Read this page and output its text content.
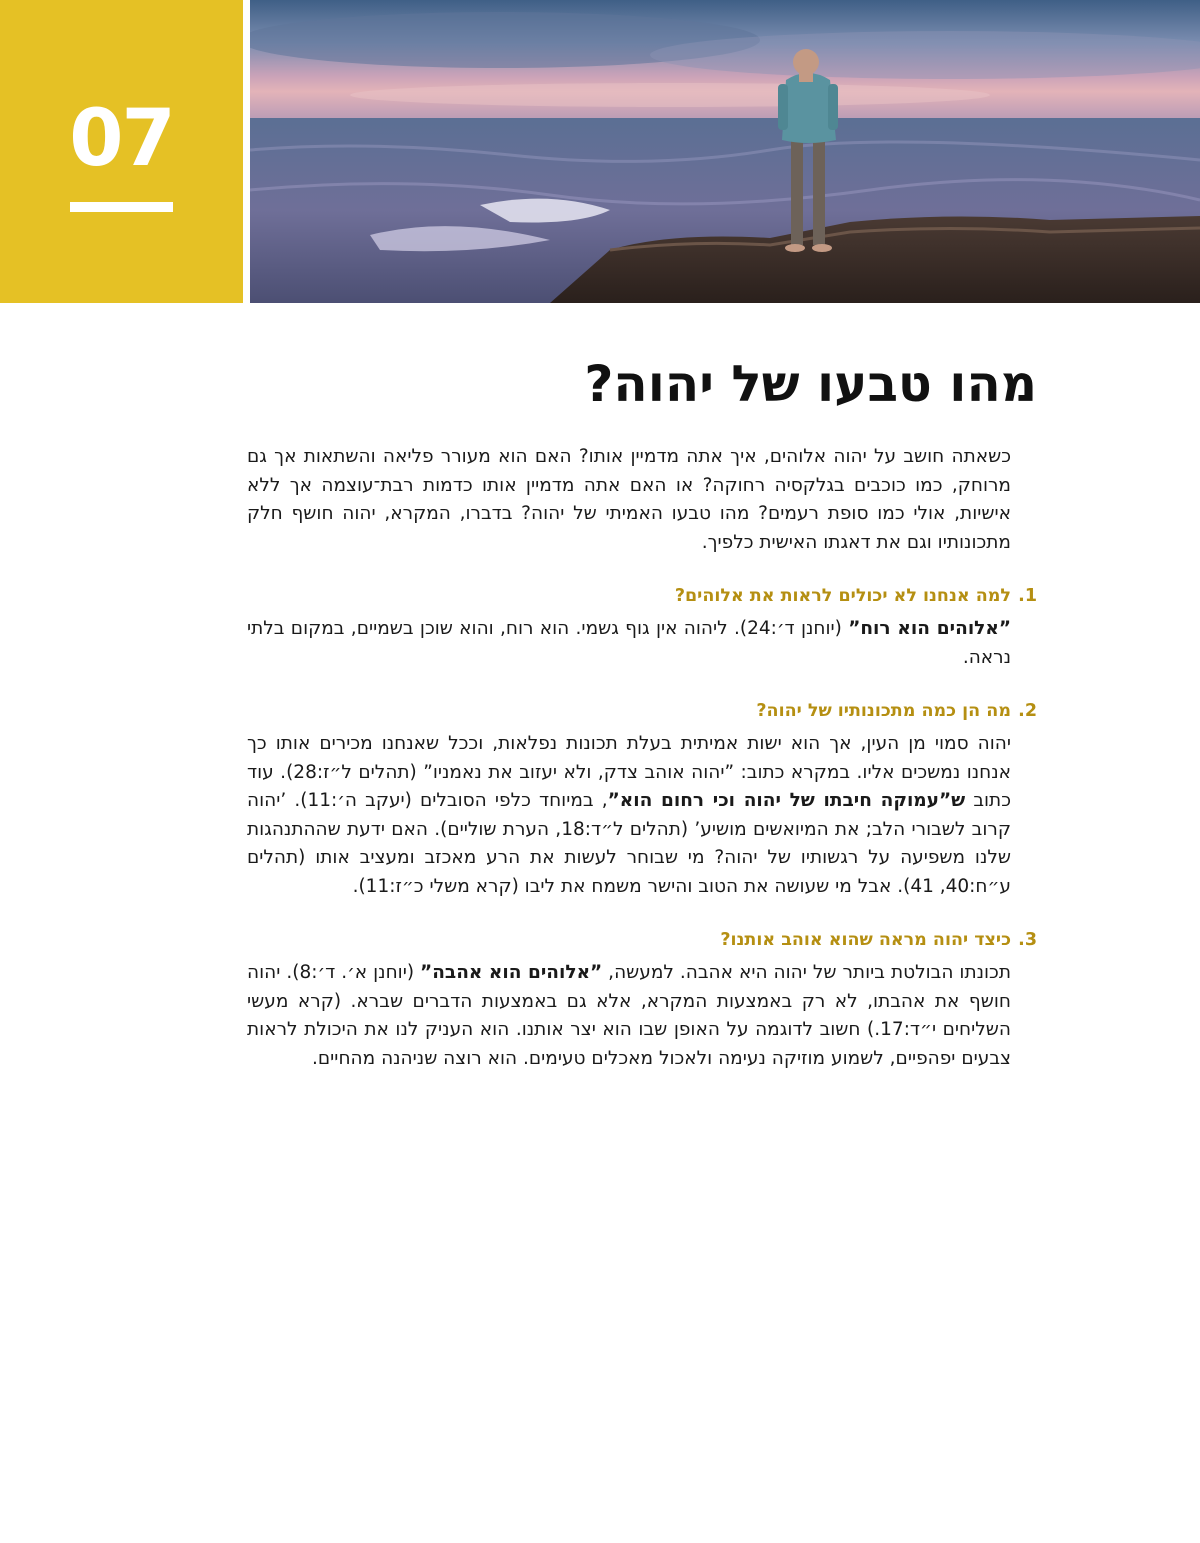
07
מהו טבעו של יהוה?

כשאתה חושב על יהוה אלוהים, איך אתה מדמיין אותו? האם הוא מעורר פליאה והשתאות אך גם מרוחק, כמו כוכבים בגלקסיה רחוקה? או האם אתה מדמיין אותו כדמות רבת־עוצמה אך ללא אישיות, אולי כמו סופת רעמים? מהו טבעו האמיתי של יהוה? בדברו, המקרא, יהוה חושף חלק מתכונותיו וגם את דאגתו האישית כלפיך.

1.
למה אנחנו לא יכולים לראות את אלוהים?

”אלוהים הוא רוח” (יוחנן ד׳:24). ליהוה אין גוף גשמי. הוא רוח, והוא שוכן בשמיים, במקום בלתי נראה.

2.
מה הן כמה מתכונותיו של יהוה?

יהוה סמוי מן העין, אך הוא ישות אמיתית בעלת תכונות נפלאות, וככל שאנחנו מכירים אותו כך אנחנו נמשכים אליו. במקרא כתוב: ”יהוה אוהב צדק, ולא יעזוב את נאמניו” (תהלים ל״ז:28). עוד כתוב ש”עמוקה חיבתו של יהוה וכי רחום הוא”, במיוחד כלפי הסובלים (יעקב ה׳:11). ’יהוה קרוב לשבורי הלב; את המיואשים מושיע’ (תהלים ל״ד:18, הערת שוליים). האם ידעת שההתנהגות שלנו משפיעה על רגשותיו של יהוה? מי שבוחר לעשות את הרע מאכזב ומעציב אותו (תהלים ע״ח:40, 41). אבל מי שעושה את הטוב והישר משמח את ליבו (קרא משלי כ״ז:11).

3.
כיצד יהוה מראה שהוא אוהב אותנו?

תכונתו הבולטת ביותר של יהוה היא אהבה. למעשה, ”אלוהים הוא אהבה” (יוחנן א׳. ד׳:8). יהוה חושף את אהבתו, לא רק באמצעות המקרא, אלא גם באמצעות הדברים שברא. (קרא מעשי השליחים י״ד:17.) חשוב לדוגמה על האופן שבו הוא יצר אותנו. הוא העניק לנו את היכולת לראות צבעים יפהפיים, לשמוע מוזיקה נעימה ולאכול מאכלים טעימים. הוא רוצה שניהנה מהחיים.
